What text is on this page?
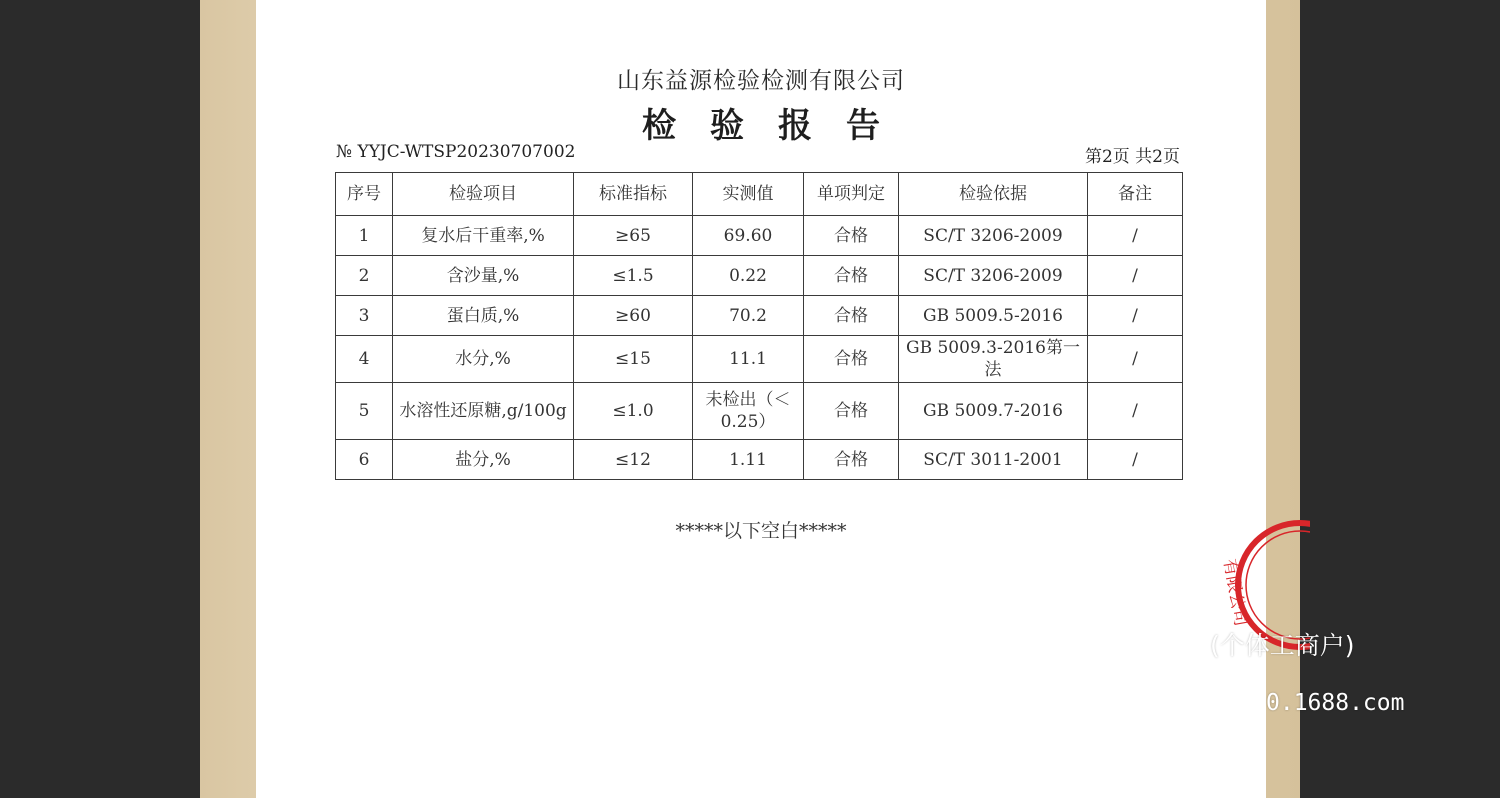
山东益源检验检测有限公司
检验报告
№ YYJC-WTSP20230707002	第2页 共2页
序号	检验项目	标准指标	实测值	单项判定	检验依据	备注
1	复水后干重率,%	≥65	69.60	合格	SC/T 3206-2009	/
2	含沙量,%	≤1.5	0.22	合格	SC/T 3206-2009	/
3	蛋白质,%	≥60	70.2	合格	GB 5009.5-2016	/
4	水分,%	≤15	11.1	合格	GB 5009.3-2016第一法	/
5	水溶性还原糖,g/100g	≤1.0	未检出（＜0.25）	合格	GB 5009.7-2016	/
6	盐分,%	≤12	1.11	合格	SC/T 3011-2001	/
*****以下空白*****
有限公司
(个体工商户)
0.1688.com
